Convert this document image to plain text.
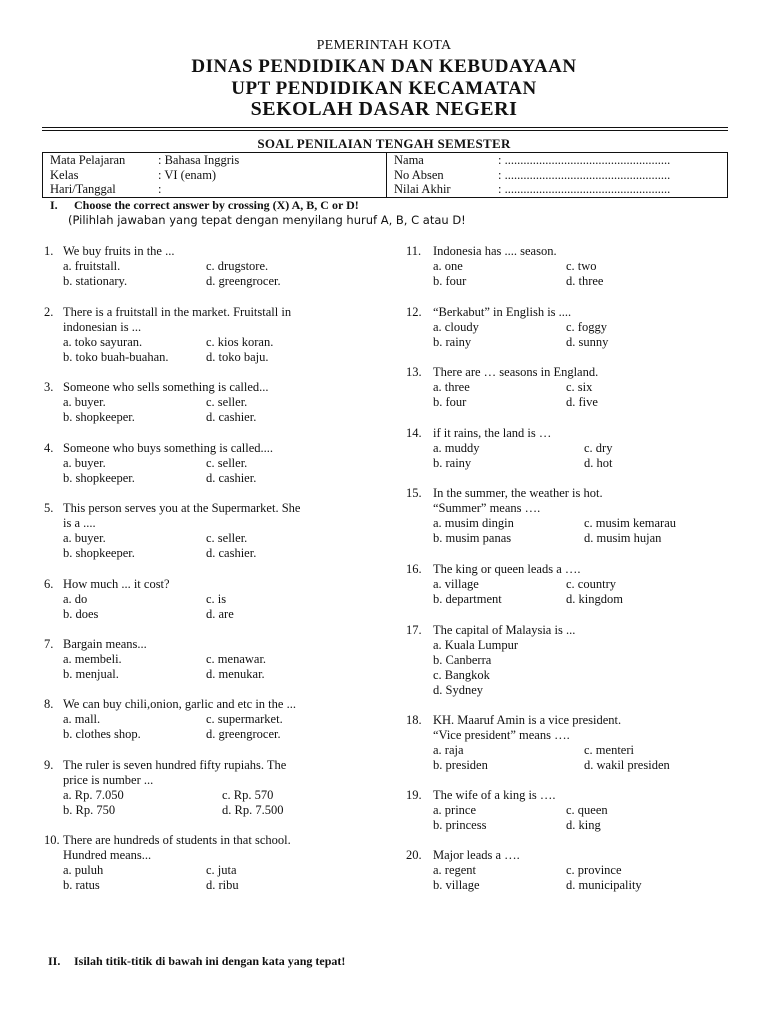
PEMERINTAH KOTA
DINAS PENDIDIKAN DAN KEBUDAYAAN
UPT PENDIDIKAN KECAMATAN
SEKOLAH DASAR NEGERI
SOAL PENILAIAN TENGAH SEMESTER
Mata Pelajaran	: Bahasa Inggris
Kelas	: VI (enam)
Hari/Tanggal	:

Nama	: .....................................................
No Absen	: .....................................................
Nilai Akhir	: .....................................................
I. Choose the correct answer by crossing (X) A, B, C or D!
(Pilihlah jawaban yang tepat dengan menyilang huruf A, B, C atau D!
1. We buy fruits in the ...
a. fruitstall.	c. drugstore.
b. stationary.	d. greengrocer.
2. There is a fruitstall in the market. Fruitstall in
indonesian is ...
a. toko sayuran.	c. kios koran.
b. toko buah-buahan.	d. toko baju.
3. Someone who sells something is called...
a. buyer.	c. seller.
b. shopkeeper.	d. cashier.
4. Someone who buys something is called....
a. buyer.	c. seller.
b. shopkeeper.	d. cashier.
5. This person serves you at the Supermarket. She
is a ....
a. buyer.	c. seller.
b. shopkeeper.	d. cashier.
6. How much ... it cost?
a. do	c. is
b. does	d. are
7. Bargain means...
a. membeli.	c. menawar.
b. menjual.	d. menukar.
8. We can buy chili,onion, garlic and etc in the ...
a. mall.	c. supermarket.
b. clothes shop.	d. greengrocer.
9. The ruler is seven hundred fifty rupiahs. The
price is number ...
a. Rp. 7.050	c. Rp. 570
b. Rp. 750	d. Rp. 7.500
10. There are hundreds of students in that school.
Hundred means...
a. puluh	c. juta
b. ratus	d. ribu
11. Indonesia has .... season.
a. one	c. two
b. four	d. three
12. “Berkabut” in English is ....
a. cloudy	c. foggy
b. rainy	d. sunny
13. There are … seasons in England.
a. three	c. six
b. four	d. five
14. if it rains, the land is …
a. muddy	c. dry
b. rainy	d. hot
15. In the summer, the weather is hot.
“Summer” means ….
a. musim dingin	c. musim kemarau
b. musim panas	d. musim hujan
16. The king or queen leads a ….
a. village	c. country
b. department	d. kingdom
17. The capital of Malaysia is ...
a. Kuala Lumpur
b. Canberra
c. Bangkok
d. Sydney
18. KH. Maaruf Amin is a vice president.
“Vice president” means ….
a. raja	c. menteri
b. presiden	d. wakil presiden
19. The wife of a king is ….
a. prince	c. queen
b. princess	d. king
20. Major leads a ….
a. regent	c. province
b. village	d. municipality
II. Isilah titik-titik di bawah ini dengan kata yang tepat!
